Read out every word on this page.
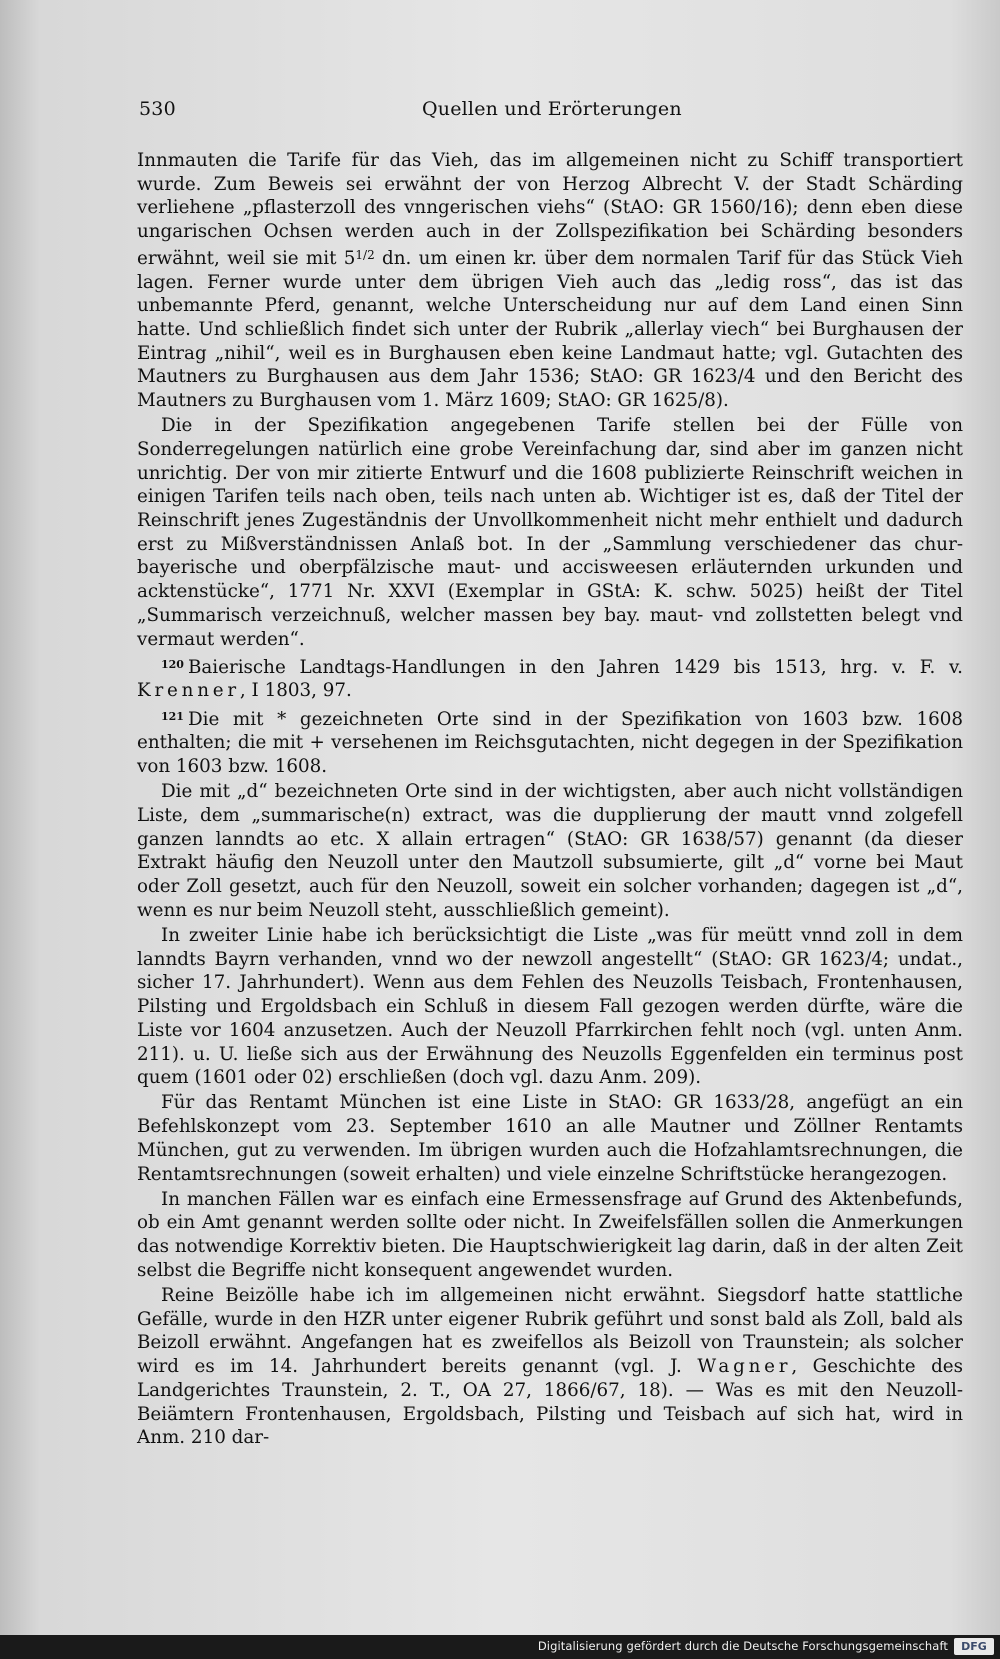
530	Quellen und Erörterungen

Innmauten die Tarife für das Vieh, das im allgemeinen nicht zu Schiff transportiert wurde. Zum Beweis sei erwähnt der von Herzog Albrecht V. der Stadt Schärding verliehene „pflasterzoll des vnngerischen viehs“ (StAO: GR 1560/16); denn eben diese ungarischen Ochsen werden auch in der Zollspezifikation bei Schärding besonders erwähnt, weil sie mit $5^{1/2}$ dn. um einen kr. über dem normalen Tarif für das Stück Vieh lagen. Ferner wurde unter dem übrigen Vieh auch das „ledig ross“, das ist das unbemannte Pferd, genannt, welche Unterscheidung nur auf dem Land einen Sinn hatte. Und schließlich findet sich unter der Rubrik „allerlay viech“ bei Burghausen der Eintrag „nihil“, weil es in Burghausen eben keine Landmaut hatte; vgl. Gutachten des Mautners zu Burghausen aus dem Jahr 1536; StAO: GR 1623/4 und den Bericht des Mautners zu Burghausen vom 1. März 1609; StAO: GR 1625/8).

Die in der Spezifikation angegebenen Tarife stellen bei der Fülle von Sonderregelungen natürlich eine grobe Vereinfachung dar, sind aber im ganzen nicht unrichtig. Der von mir zitierte Entwurf und die 1608 publizierte Reinschrift weichen in einigen Tarifen teils nach oben, teils nach unten ab. Wichtiger ist es, daß der Titel der Reinschrift jenes Zugeständnis der Unvollkommenheit nicht mehr enthielt und dadurch erst zu Mißverständnissen Anlaß bot. In der „Sammlung verschiedener das chur-bayerische und oberpfälzische maut- und accisweesen erläuternden urkunden und acktenstücke“, 1771 Nr. XXVI (Exemplar in GStA: K. schw. 5025) heißt der Titel „Summarisch verzeichnuß, welcher massen bey bay. maut- vnd zollstetten belegt vnd vermaut werden“.

$^{120}$ Baierische Landtags-Handlungen in den Jahren 1429 bis 1513, hrg. v. F. v. Krenner, I 1803, 97.

$^{121}$ Die mit * gezeichneten Orte sind in der Spezifikation von 1603 bzw. 1608 enthalten; die mit + versehenen im Reichsgutachten, nicht degegen in der Spezifikation von 1603 bzw. 1608.

Die mit „d“ bezeichneten Orte sind in der wichtigsten, aber auch nicht vollständigen Liste, dem „summarische(n) extract, was die dupplierung der mautt vnnd zolgefell ganzen lanndts ao etc. X allain ertragen“ (StAO: GR 1638/57) genannt (da dieser Extrakt häufig den Neuzoll unter den Mautzoll subsumierte, gilt „d“ vorne bei Maut oder Zoll gesetzt, auch für den Neuzoll, soweit ein solcher vorhanden; dagegen ist „d“, wenn es nur beim Neuzoll steht, ausschließlich gemeint).

In zweiter Linie habe ich berücksichtigt die Liste „was für meütt vnnd zoll in dem lanndts Bayrn verhanden, vnnd wo der newzoll angestellt“ (StAO: GR 1623/4; undat., sicher 17. Jahrhundert). Wenn aus dem Fehlen des Neuzolls Teisbach, Frontenhausen, Pilsting und Ergoldsbach ein Schluß in diesem Fall gezogen werden dürfte, wäre die Liste vor 1604 anzusetzen. Auch der Neuzoll Pfarrkirchen fehlt noch (vgl. unten Anm. 211). u. U. ließe sich aus der Erwähnung des Neuzolls Eggenfelden ein terminus post quem (1601 oder 02) erschließen (doch vgl. dazu Anm. 209).

Für das Rentamt München ist eine Liste in StAO: GR 1633/28, angefügt an ein Befehlskonzept vom 23. September 1610 an alle Mautner und Zöllner Rentamts München, gut zu verwenden. Im übrigen wurden auch die Hofzahlamtsrechnungen, die Rentamtsrechnungen (soweit erhalten) und viele einzelne Schriftstücke herangezogen.

In manchen Fällen war es einfach eine Ermessensfrage auf Grund des Aktenbefunds, ob ein Amt genannt werden sollte oder nicht. In Zweifelsfällen sollen die Anmerkungen das notwendige Korrektiv bieten. Die Hauptschwierigkeit lag darin, daß in der alten Zeit selbst die Begriffe nicht konsequent angewendet wurden.

Reine Beizölle habe ich im allgemeinen nicht erwähnt. Siegsdorf hatte stattliche Gefälle, wurde in den HZR unter eigener Rubrik geführt und sonst bald als Zoll, bald als Beizoll erwähnt. Angefangen hat es zweifellos als Beizoll von Traunstein; als solcher wird es im 14. Jahrhundert bereits genannt (vgl. J. Wagner, Geschichte des Landgerichtes Traunstein, 2. T., OA 27, 1866/67, 18). — Was es mit den Neuzoll-Beiämtern Frontenhausen, Ergoldsbach, Pilsting und Teisbach auf sich hat, wird in Anm. 210 dar-

Digitalisierung gefördert durch die Deutsche Forschungsgemeinschaft	DFG
